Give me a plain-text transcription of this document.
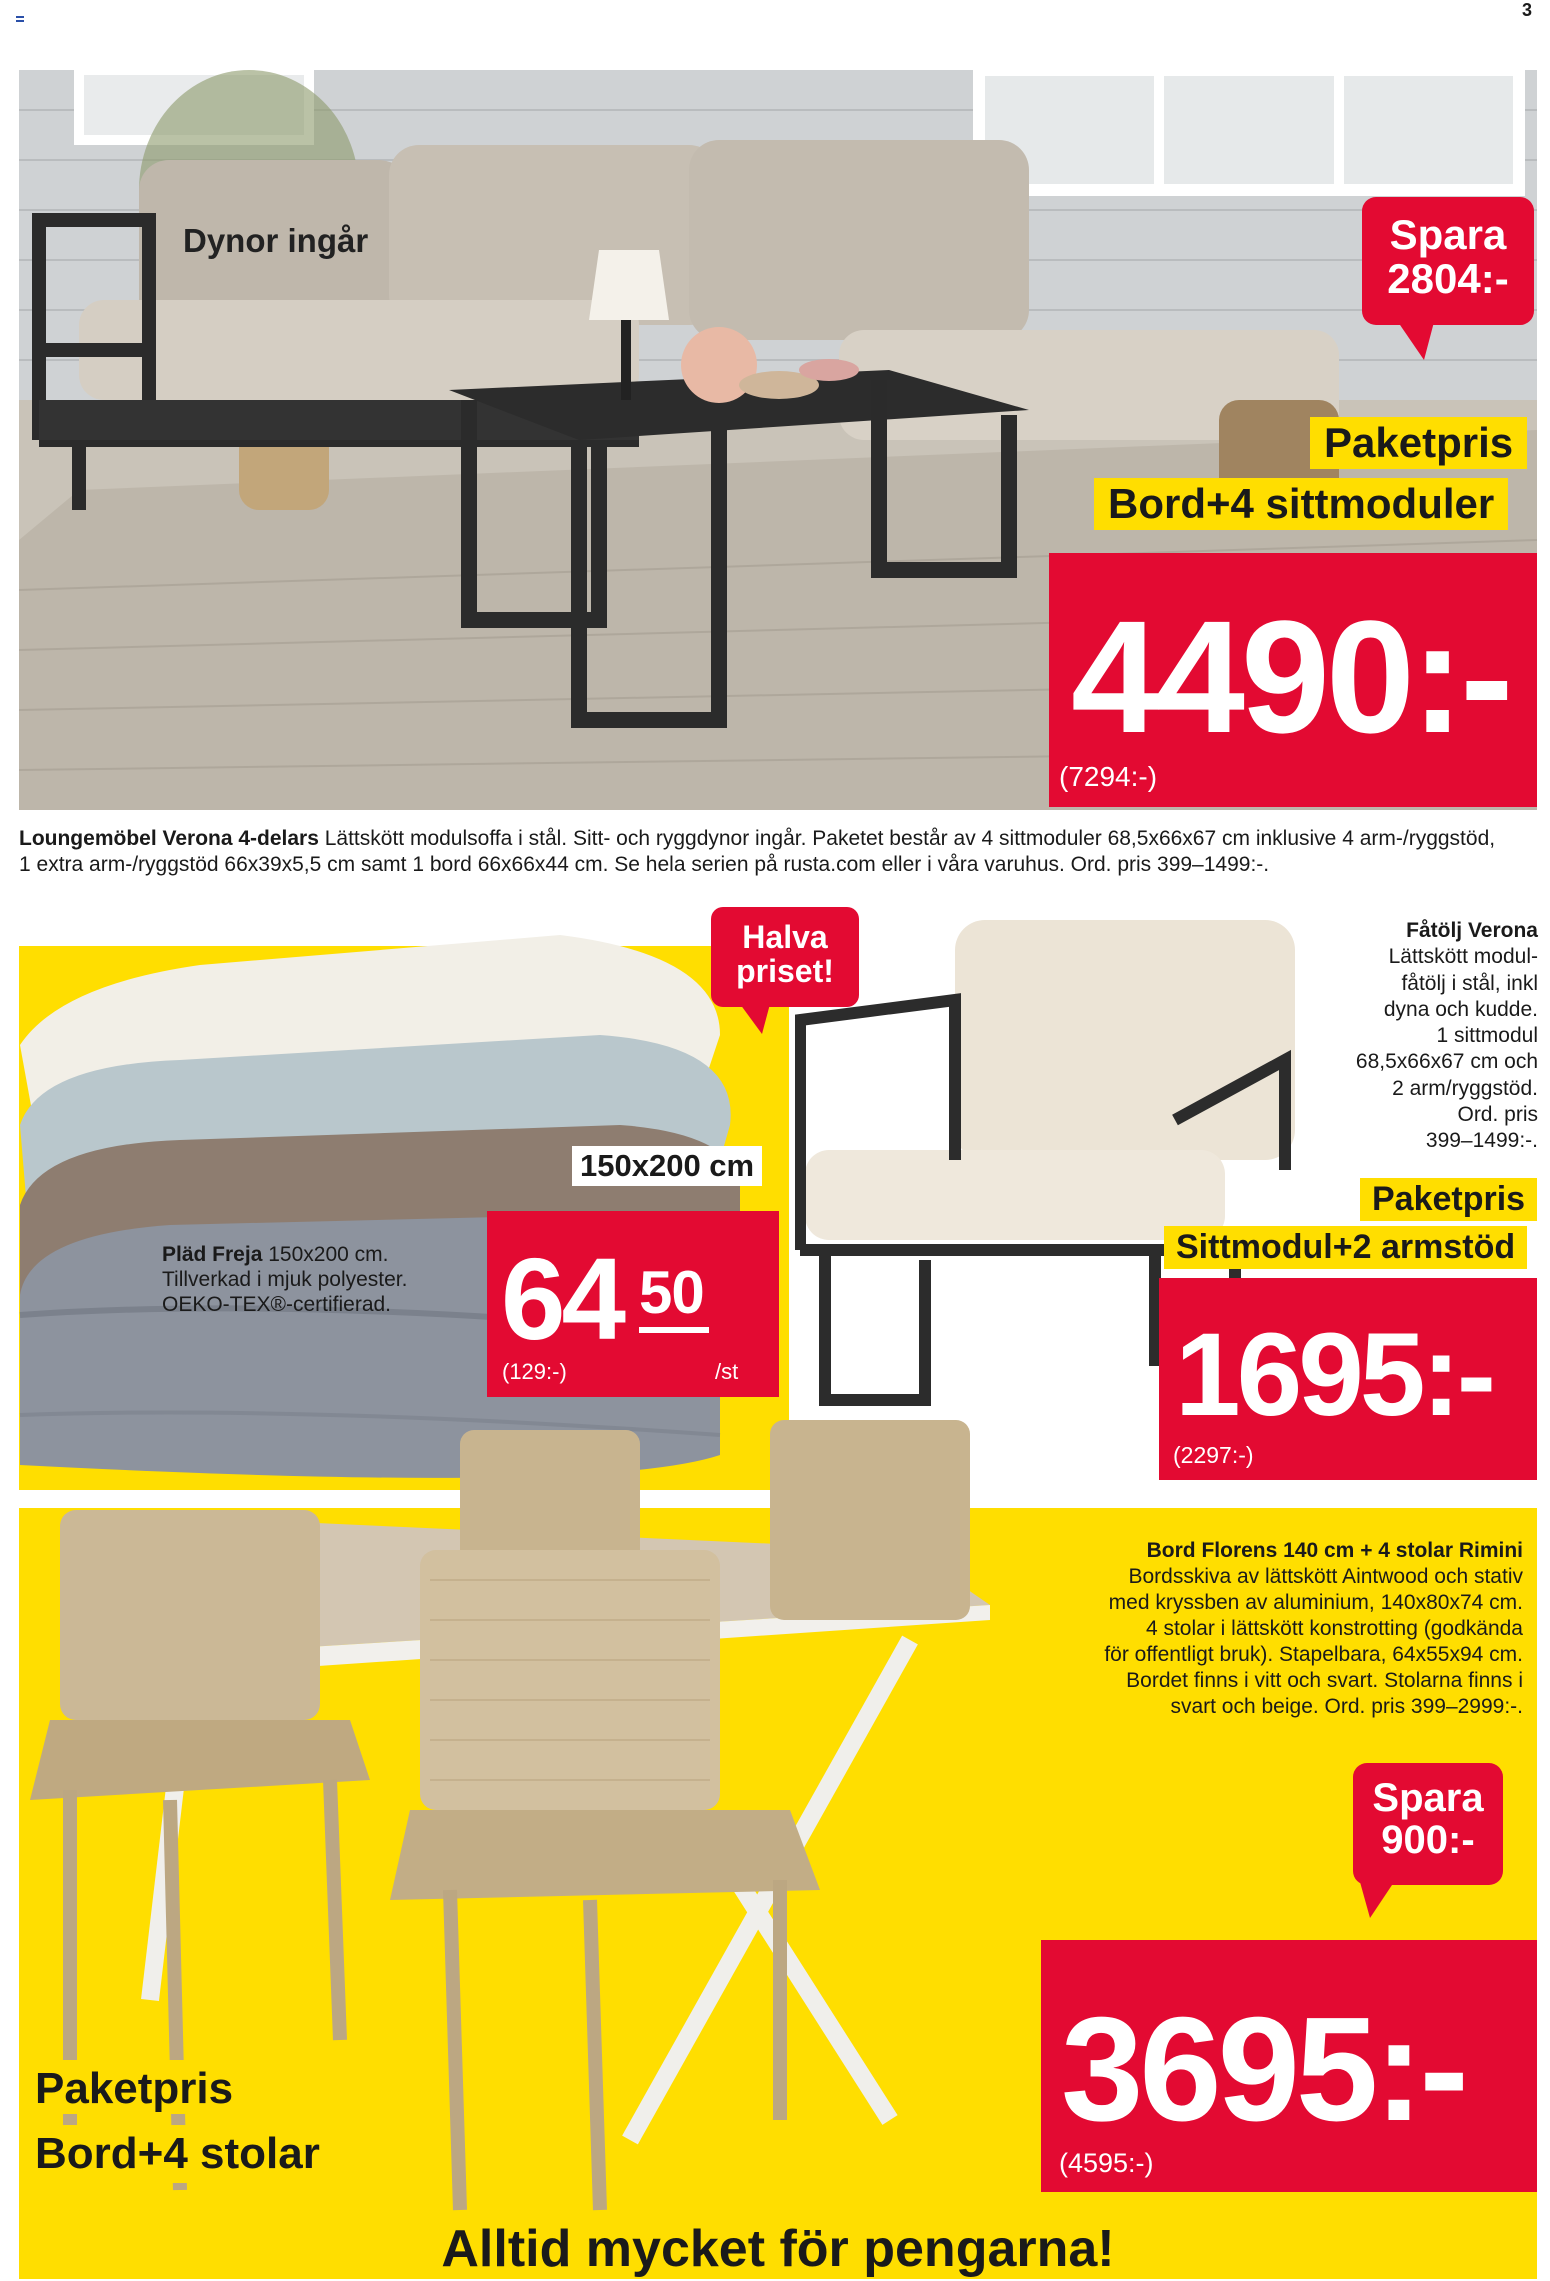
3
Dynor ingår	Spara
2804:-
Paketpris
Bord+4 sittmoduler
4490:-
(7294:-)
Loungemöbel Verona 4-delars Lättskött modulsoffa i stål. Sitt- och ryggdynor ingår. Paketet består av 4 sittmoduler 68,5x66x67 cm inklusive 4 arm-/ryggstöd, 1 extra arm-/ryggstöd 66x39x5,5 cm samt 1 bord 66x66x44 cm. Se hela serien på rusta.com eller i våra varuhus. Ord. pris 399–1499:-.
Halva
priset!
150x200 cm
Pläd Freja 150x200 cm.
Tillverkad i mjuk polyester.
OEKO-TEX®-certifierad. 64 50
(129:-)	/st
Fåtölj Verona
Lättskött modul-
fåtölj i stål, inkl
dyna och kudde.
1 sittmodul
68,5x66x67 cm och
2 arm/ryggstöd.
Ord. pris
399–1499:-.
Paketpris
Sittmodul+2 armstöd
1695:-
(2297:-)
Bord Florens 140 cm + 4 stolar Rimini
Bordsskiva av lättskött Aintwood och stativ
med kryssben av aluminium, 140x80x74 cm.
4 stolar i lättskött konstrotting (godkända
för offentligt bruk). Stapelbara, 64x55x94 cm.
Bordet finns i vitt och svart. Stolarna finns i
svart och beige. Ord. pris 399–2999:-.
Spara
900:-
3695:-
(4595:-)
Paketpris
Bord+4 stolar
Alltid mycket för pengarna!
